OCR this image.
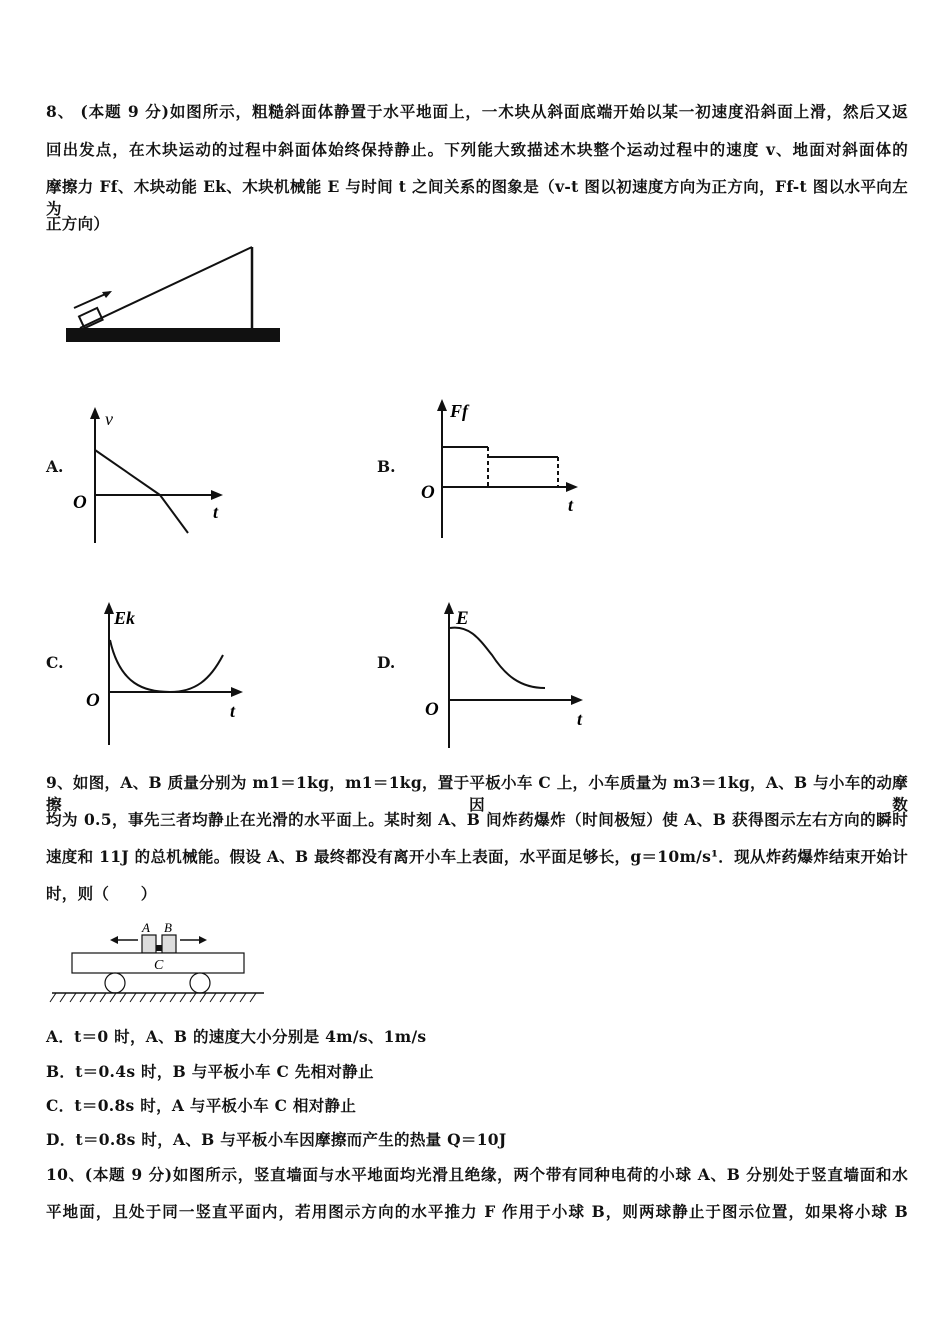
8、 (本题 9 分)如图所示，粗糙斜面体静置于水平地面上，一木块从斜面底端开始以某一初速度沿斜面上滑，然后又返
回出发点，在木块运动的过程中斜面体始终保持静止。下列能大致描述木块整个运动过程中的速度 v、地面对斜面体的
摩擦力 Ff、木块动能 Ek、木块机械能 E 与时间 t 之间关系的图象是（v-t 图以初速度方向为正方向，Ff-t 图以水平向左为
正方向）
A.
v
O	t
B.
Ff
O
t
C.
Ek
O	t
D.
E
O	t
9、如图，A、B 质量分别为 m1＝1kg，m1＝1kg，置于平板小车 C 上，小车质量为 m3＝1kg，A、B 与小车的动摩擦因数
均为 0.5，事先三者均静止在光滑的水平面上。某时刻 A、B 间炸药爆炸（时间极短）使 A、B 获得图示左右方向的瞬时
速度和 11J 的总机械能。假设 A、B 最终都没有离开小车上表面，水平面足够长，g＝10m/s¹．现从炸药爆炸结束开始计
时，则（　　）
A B
C
A．t＝0 时，A、B 的速度大小分别是 4m/s、1m/s
B．t＝0.4s 时，B 与平板小车 C 先相对静止
C．t＝0.8s 时，A 与平板小车 C 相对静止
D．t＝0.8s 时，A、B 与平板小车因摩擦而产生的热量 Q＝10J
10、(本题 9 分)如图所示，竖直墙面与水平地面均光滑且绝缘，两个带有同种电荷的小球 A、B 分别处于竖直墙面和水
平地面，且处于同一竖直平面内，若用图示方向的水平推力 F 作用于小球 B，则两球静止于图示位置，如果将小球 B
